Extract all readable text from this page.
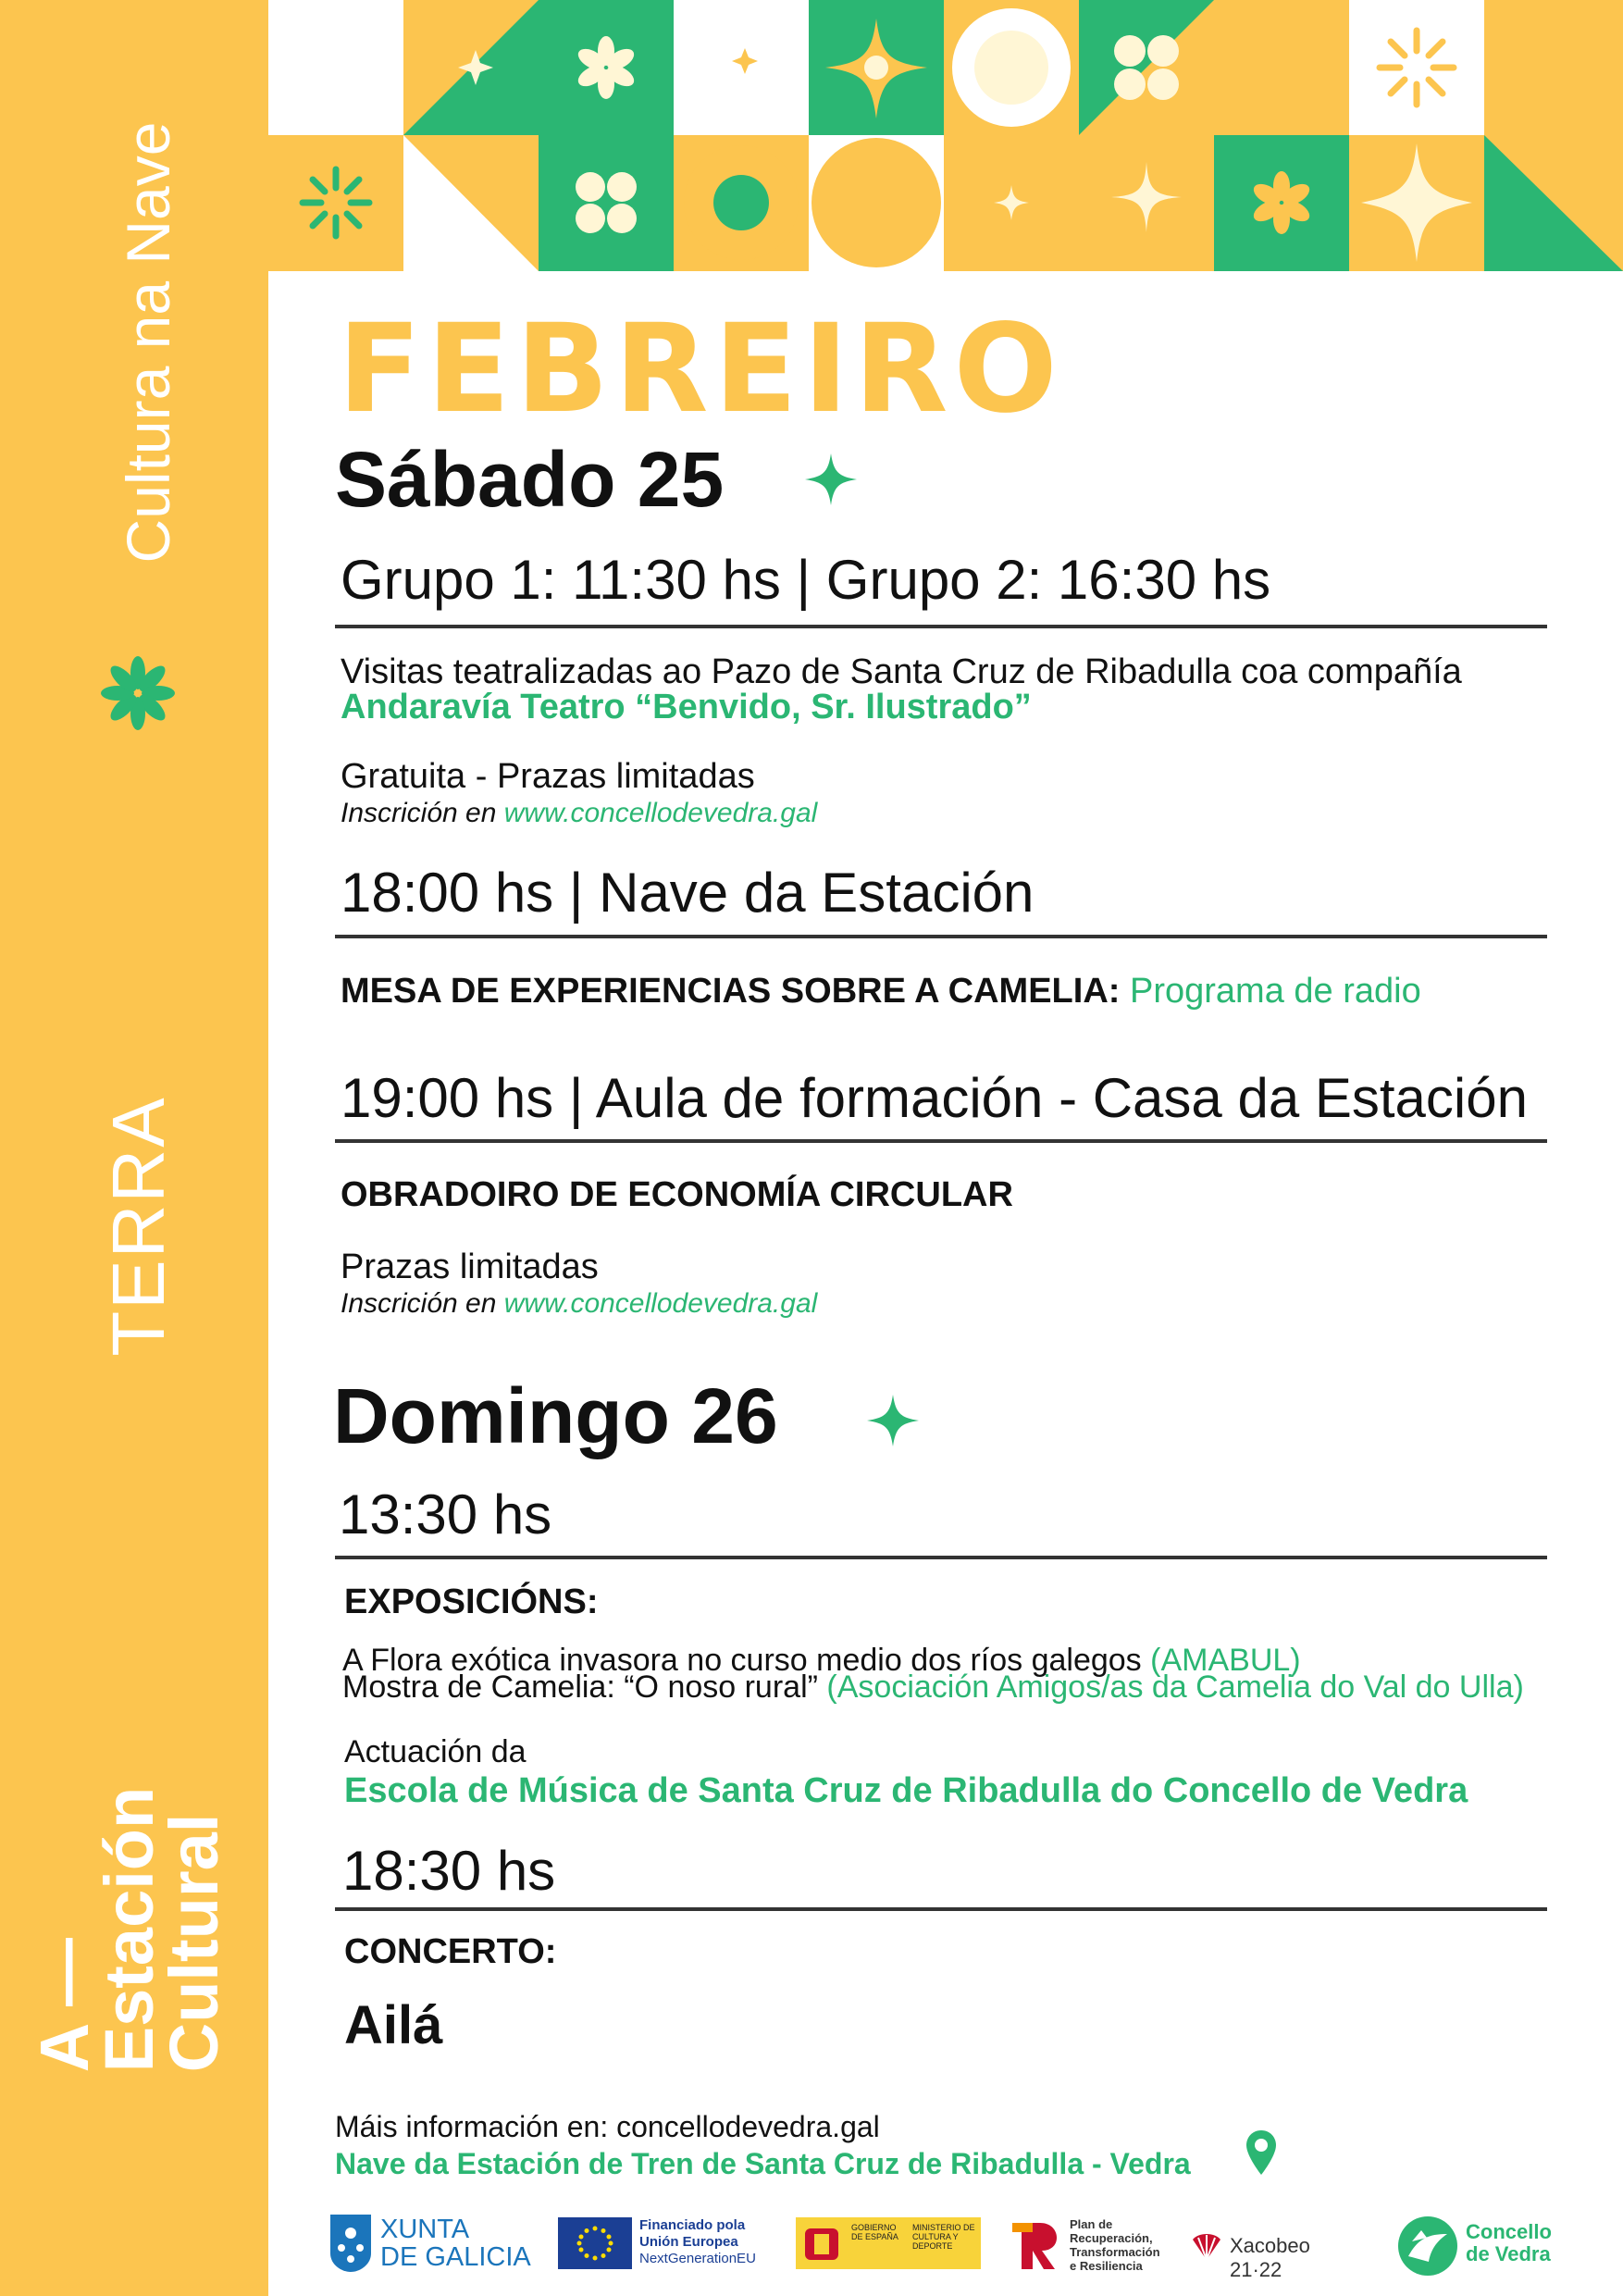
Cultura na Nave
TERRA
A —
Estación
Cultural
FEBREIRO
Sábado 25
Grupo 1: 11:30 hs | Grupo 2: 16:30 hs
Visitas teatralizadas ao Pazo de Santa Cruz de Ribadulla coa compañía
Andaravía Teatro “Benvido, Sr. Ilustrado”
Gratuita - Prazas limitadas
Inscrición en www.concellodevedra.gal
18:00 hs | Nave da Estación
MESA DE EXPERIENCIAS SOBRE A CAMELIA: Programa de radio
19:00 hs | Aula de formación - Casa da Estación
OBRADOIRO DE ECONOMÍA CIRCULAR
Prazas limitadas
Inscrición en www.concellodevedra.gal
Domingo 26
13:30 hs
EXPOSICIÓNS:
A Flora exótica invasora no curso medio dos ríos galegos (AMABUL)
Mostra de Camelia: “O noso rural” (Asociación Amigos/as da Camelia do Val do Ulla)
Actuación da
Escola de Música de Santa Cruz de Ribadulla do Concello de Vedra
18:30 hs
CONCERTO:
Ailá
Máis información en: concellodevedra.gal
Nave da Estación de Tren de Santa Cruz de Ribadulla - Vedra
XUNTA
DE GALICIA
Financiado pola
Unión Europea
NextGenerationEU
GOBIERNO DE ESPAÑA
MINISTERIO DE CULTURA Y DEPORTE
Plan de
Recuperación,
Transformación
e Resiliencia
Xacobeo 21·22
Concello
de Vedra
